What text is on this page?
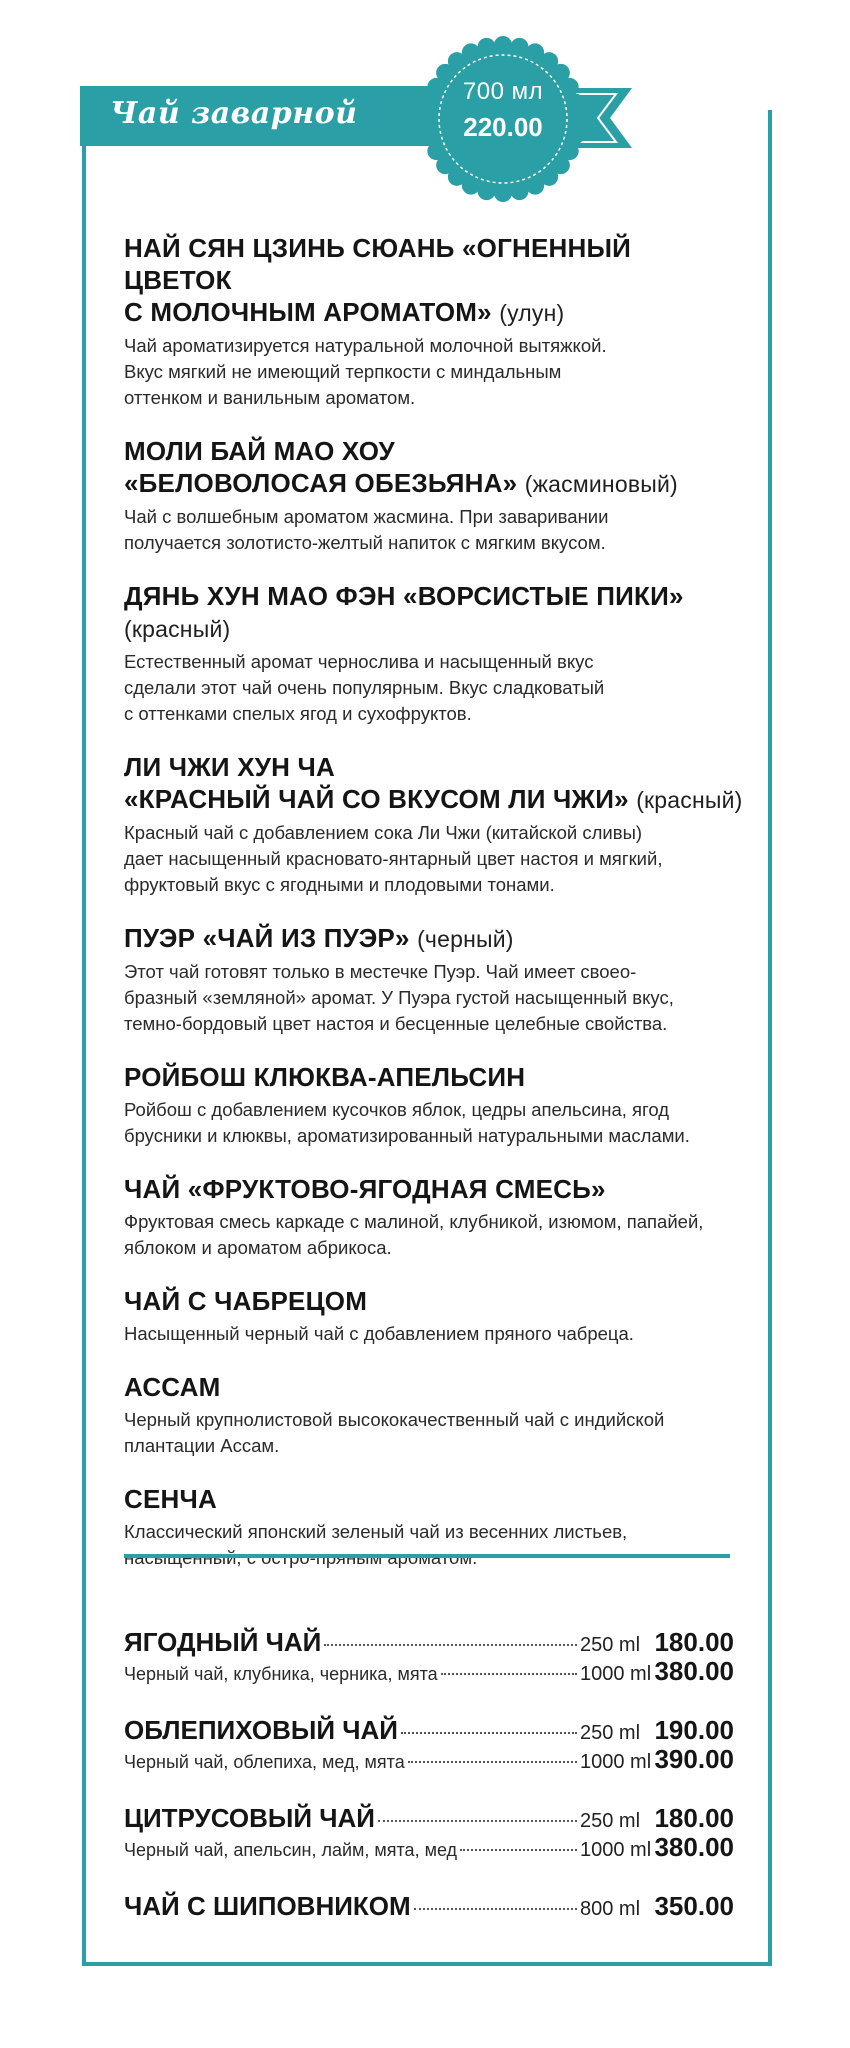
Чай заварной
700 мл
220.00
НАЙ СЯН ЦЗИНЬ СЮАНЬ «ОГНЕННЫЙ ЦВЕТОК
С МОЛОЧНЫМ АРОМАТОМ» (улун)
Чай ароматизируется натуральной молочной вытяжкой.
Вкус мягкий не имеющий терпкости с миндальным
оттенком и ванильным ароматом.
МОЛИ БАЙ МАО ХОУ
«БЕЛОВОЛОСАЯ ОБЕЗЬЯНА» (жасминовый)
Чай с волшебным ароматом жасмина. При заваривании
получается золотисто-желтый напиток с мягким вкусом.
ДЯНЬ ХУН МАО ФЭН «ВОРСИСТЫЕ ПИКИ» (красный)
Естественный аромат чернослива и насыщенный вкус
сделали этот чай очень популярным. Вкус сладковатый
с оттенками спелых ягод и сухофруктов.
ЛИ ЧЖИ ХУН ЧА
«КРАСНЫЙ ЧАЙ СО ВКУСОМ ЛИ ЧЖИ» (красный)
Красный чай с добавлением сока Ли Чжи (китайской сливы)
дает насыщенный красновато-янтарный цвет настоя и мягкий,
фруктовый вкус с ягодными и плодовыми тонами.
ПУЭР «ЧАЙ ИЗ ПУЭР» (черный)
Этот чай готовят только в местечке Пуэр. Чай имеет своео-
бразный «земляной» аромат. У Пуэра густой насыщенный вкус,
темно-бордовый цвет настоя и бесценные целебные свойства.
РОЙБОШ КЛЮКВА-АПЕЛЬСИН
Ройбош с добавлением кусочков яблок, цедры апельсина, ягод
брусники и клюквы, ароматизированный натуральными маслами.
ЧАЙ «ФРУКТОВО-ЯГОДНАЯ СМЕСЬ»
Фруктовая смесь каркаде с малиной, клубникой, изюмом, папайей,
яблоком и ароматом абрикоса.
ЧАЙ С ЧАБРЕЦОМ
Насыщенный черный чай с добавлением пряного чабреца.
АССАМ
Черный крупнолистовой высококачественный чай с индийской
плантации Ассам.
СЕНЧА
Классический японский зеленый чай из весенних листьев,

ЯГОДНЫЙ ЧАЙ	250 ml 180.00
Черный чай, клубника, черника, мята	1000 ml 380.00
ОБЛЕПИХОВЫЙ ЧАЙ	250 ml 190.00
Черный чай, облепиха, мед, мята	1000 ml 390.00
ЦИТРУСОВЫЙ ЧАЙ	250 ml 180.00
Черный чай, апельсин, лайм, мята, мед	1000 ml 380.00
ЧАЙ С ШИПОВНИКОМ	800 ml 350.00
